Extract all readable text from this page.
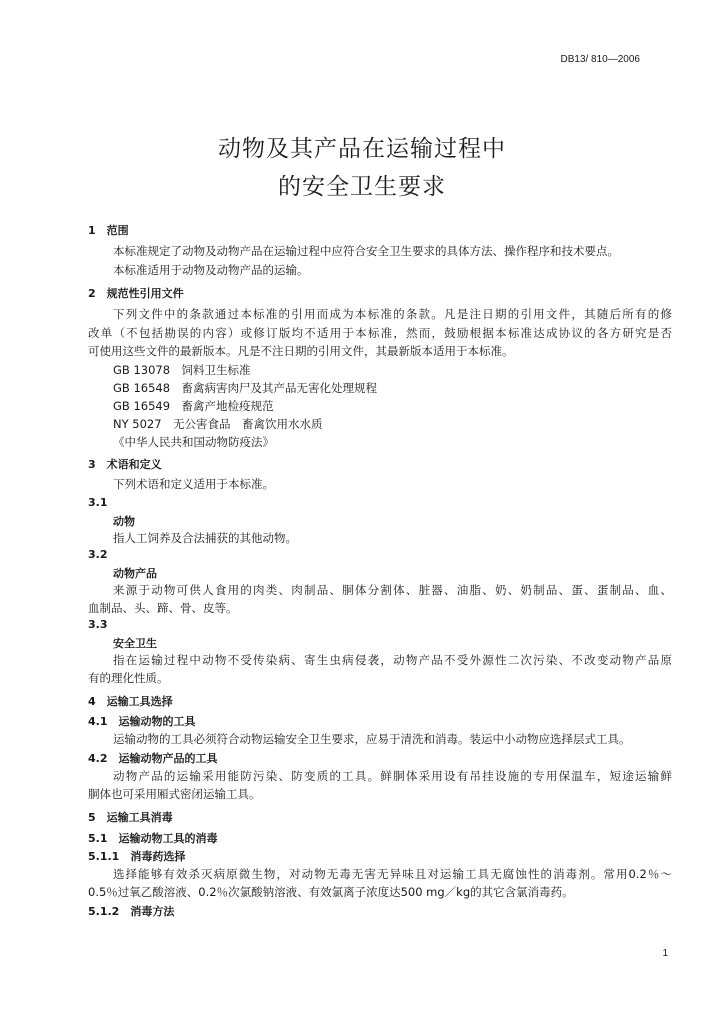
DB13/ 810—2006
动物及其产品在运输过程中
的安全卫生要求
1　范围
本标准规定了动物及动物产品在运输过程中应符合安全卫生要求的具体方法、操作程序和技术要点。
本标准适用于动物及动物产品的运输。
2　规范性引用文件
下列文件中的条款通过本标准的引用而成为本标准的条款。凡是注日期的引用文件，其随后所有的修
改单（不包括勘误的内容）或修订版均不适用于本标准，然而，鼓励根据本标准达成协议的各方研究是否
可使用这些文件的最新版本。凡是不注日期的引用文件，其最新版本适用于本标准。
GB 13078　饲料卫生标准
GB 16548　畜禽病害肉尸及其产品无害化处理规程
GB 16549　畜禽产地检疫规范
NY 5027　无公害食品　畜禽饮用水水质
《中华人民共和国动物防疫法》
3　术语和定义
下列术语和定义适用于本标准。
3.1
动物
指人工饲养及合法捕获的其他动物。
3.2
动物产品
来源于动物可供人食用的肉类、肉制品、胴体分割体、脏器、油脂、奶、奶制品、蛋、蛋制品、血、
血制品、头、蹄、骨、皮等。
3.3
安全卫生
指在运输过程中动物不受传染病、寄生虫病侵袭，动物产品不受外源性二次污染、不改变动物产品原
有的理化性质。
4　运输工具选择
4.1　运输动物的工具
运输动物的工具必须符合动物运输安全卫生要求，应易于清洗和消毒。装运中小动物应选择层式工具。
4.2　运输动物产品的工具
动物产品的运输采用能防污染、防变质的工具。鲜胴体采用设有吊挂设施的专用保温车，短途运输鲜
胴体也可采用厢式密闭运输工具。
5　运输工具消毒
5.1　运输动物工具的消毒
5.1.1　消毒药选择
选择能够有效杀灭病原微生物，对动物无毒无害无异味且对运输工具无腐蚀性的消毒剂。常用0.2％～
0.5％过氧乙酸溶液、0.2％次氯酸钠溶液、有效氯离子浓度达500 mg／kg的其它含氯消毒药。
5.1.2　消毒方法
1
